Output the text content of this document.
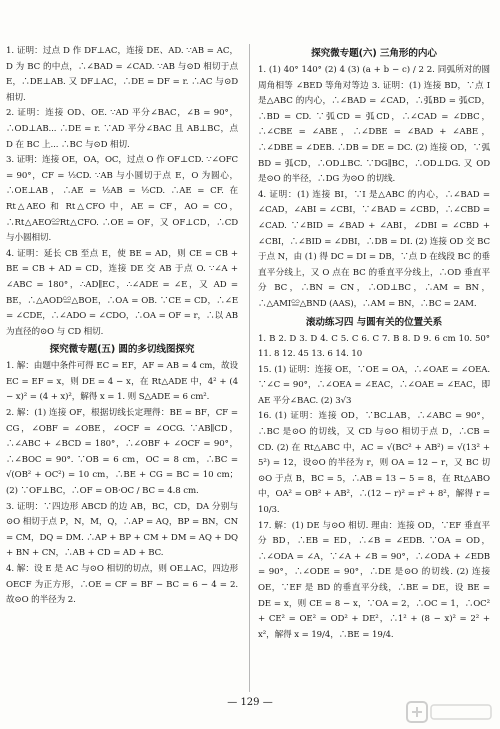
1. 证明：过点 D 作 DF⊥AC，连接 DE、AD. ∵AB = AC，D 为 BC 的中点，∴∠BAD = ∠CAD. ∵AB 与⊙D 相切于点 E，∴DE⊥AB. 又 DF⊥AC，∴DE = DF = r. ∴AC 与⊙D 相切.

2. 证明：连接 OD、OE. ∵AD 平分∠BAC，∠B = 90°，∴OD⊥AB... ∴DE = r. ∵AD 平分∠BAC 且 AB⊥BC，点 D 在 BC 上... ∴BC 与⊙D 相切.

3. 证明：连接 OE，OA，OC，过点 O 作 OF⊥CD. ∵∠OFC = 90°，CF = ½CD. ∵AB 与小圆切于点 E，O 为圆心，∴OE⊥AB，∴AE = ½AB = ½CD. ∴AE = CF. 在 Rt△AEO 和 Rt△CFO 中，AE = CF，AO = CO，∴Rt△AEO≌Rt△CFO. ∴OE = OF，又 OF⊥CD，∴CD 与小圆相切.

4. 证明：延长 CB 至点 E，使 BE = AD，则 CE = CB + BE = CB + AD = CD，连接 DE 交 AB 于点 O. ∵∠A + ∠ABC = 180°，∴AD∥EC，∴∠ADE = ∠E，又 AD = BE，∴△AOD≌△BOE，∴OA = OB. ∵CE = CD，∴∠E = ∠CDE，∴∠ADO = ∠CDO，∴OA = OF = r，∴以 AB 为直径的⊙O 与 CD 相切.

探究微专题(五) 圆的多切线图探究

1. 解：由题中条件可得 EC = EF，AF = AB = 4 cm，故设 EC = EF = x，则 DE = 4 − x，在 Rt△ADE 中，4² + (4 − x)² = (4 + x)²，解得 x = 1. 则 S△ADE = 6 cm².

2. 解：(1) 连接 OF，根据切线长定理得：BE = BF，CF = CG，∠OBF = ∠OBE，∠OCF = ∠OCG. ∵AB∥CD，∴∠ABC + ∠BCD = 180°，∴∠OBF + ∠OCF = 90°，∴∠BOC = 90°. ∵OB = 6 cm，OC = 8 cm，∴BC = √(OB² + OC²) = 10 cm，∴BE + CG = BC = 10 cm；(2) ∵OF⊥BC，∴OF = OB·OC / BC = 4.8 cm.

3. 证明：∵四边形 ABCD 的边 AB，BC，CD，DA 分别与⊙O 相切于点 P，N，M，Q，∴AP = AQ，BP = BN，CN = CM，DQ = DM. ∴AP + BP + CM + DM = AQ + DQ + BN + CN，∴AB + CD = AD + BC.

4. 解：设 E 是 AC 与⊙O 相切的切点，则 OE⊥AC，四边形 OECF 为正方形，∴OE = CF = BF − BC = 6 − 4 = 2. 故⊙O 的半径为 2.

探究微专题(六) 三角形的内心

1. (1) 40° 140° (2) 4 (3) (a + b − c) / 2 2. 同弧所对的圆周角相等 ∠BED 等角对等边 3. 证明：(1) 连接 BD，∵点 I 是△ABC 的内心，∴∠BAD = ∠CAD，∴弧BD = 弧CD，∴BD = CD. ∵弧CD = 弧CD，∴∠CAD = ∠DBC，∴∠CBE = ∠ABE，∴∠DBE = ∠BAD + ∠ABE，∴∠DBE = ∠DEB. ∴DB = DE = DC. (2) 连接 OD，∵弧BD = 弧CD，∴OD⊥BC. ∵DG∥BC，∴OD⊥DG. 又 OD 是⊙O 的半径，∴DG 为⊙O 的切线.

4. 证明：(1) 连接 BI，∵I 是△ABC 的内心，∴∠BAD = ∠CAD，∠ABI = ∠CBI，∵∠BAD = ∠CBD，∴∠CBD = ∠CAD. ∵∠BID = ∠BAD + ∠ABI，∠DBI = ∠CBD + ∠CBI，∴∠BID = ∠DBI，∴DB = DI. (2) 连接 OD 交 BC 于点 N，由 (1) 得 DC = DI = DB，∵点 D 在线段 BC 的垂直平分线上，又 O 点在 BC 的垂直平分线上，∴OD 垂直平分 BC，∴BN = CN，∴OD⊥BC，∴AM = BN，∴△AMI≌△BND (AAS)，∴AM = BN，∴BC = 2AM.

滚动练习四 与圆有关的位置关系

1. B 2. D 3. D 4. C 5. C 6. C 7. B 8. D 9. 6 cm 10. 50° 11. 8 12. 45 13. 6 14. 10

15. (1) 证明：连接 OE，∵OE = OA，∴∠OAE = ∠OEA. ∵∠C = 90°，∴∠OEA = ∠EAC，∴∠OAE = ∠EAC，即 AE 平分∠BAC. (2) 3√3

16. (1) 证明：连接 OD，∵BC⊥AB，∴∠ABC = 90°，∴BC 是⊙O 的切线，又 CD 与⊙O 相切于点 D，∴CB = CD. (2) 在 Rt△ABC 中，AC = √(BC² + AB²) = √(13² + 5²) = 12，设⊙O 的半径为 r，则 OA = 12 − r，又 BC 切⊙O 于点 B，BC = 5，∴AB = 13 − 5 = 8，在 Rt△ABO 中，OA² = OB² + AB²，∴(12 − r)² = r² + 8²，解得 r = 10/3.

17. 解：(1) DE 与⊙O 相切. 理由：连接 OD，∵EF 垂直平分 BD，∴EB = ED，∴∠B = ∠EDB. ∵OA = OD，∴∠ODA = ∠A，∵∠A + ∠B = 90°，∴∠ODA + ∠EDB = 90°，∴∠ODE = 90°，∴DE 是⊙O 的切线. (2) 连接 OE，∵EF 是 BD 的垂直平分线，∴BE = DE，设 BE = DE = x，则 CE = 8 − x，∵OA = 2，∴OC = 1，∴OC² + CE² = OE² = OD² + DE²，∴1² + (8 − x)² = 2² + x²，解得 x = 19/4，∴BE = 19/4.

— 129 —
